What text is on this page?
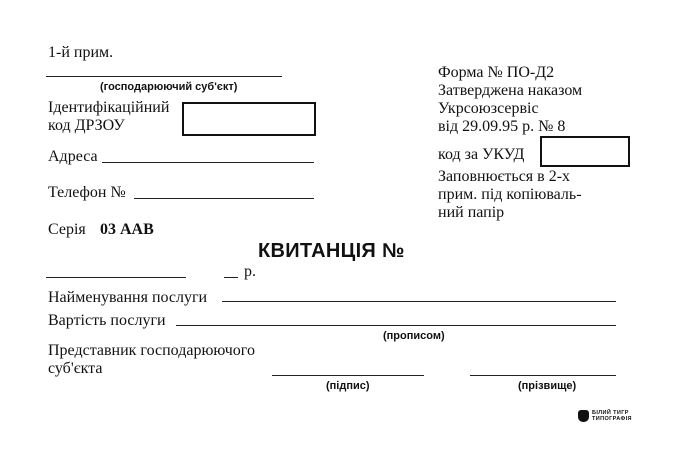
1-й прим.
(господарюючий суб'єкт)
Ідентифікаційний
код ДРЗОУ
Адреса
Телефон №
Серія 03 ААВ
Форма № ПО-Д2
Затверджена наказом
Укрсоюзсервіс
від 29.09.95 р. № 8
код за УКУД
Заповнюється в 2-х
прим. під копіюваль-
ний папір
КВИТАНЦІЯ №
р.
Найменування послуги
Вартість послуги
(прописом)
Представник господарюючого
суб'єкта
(підпис)	(прізвище)
БІЛИЙ ТИГР
ТИПОГРАФІЯ
